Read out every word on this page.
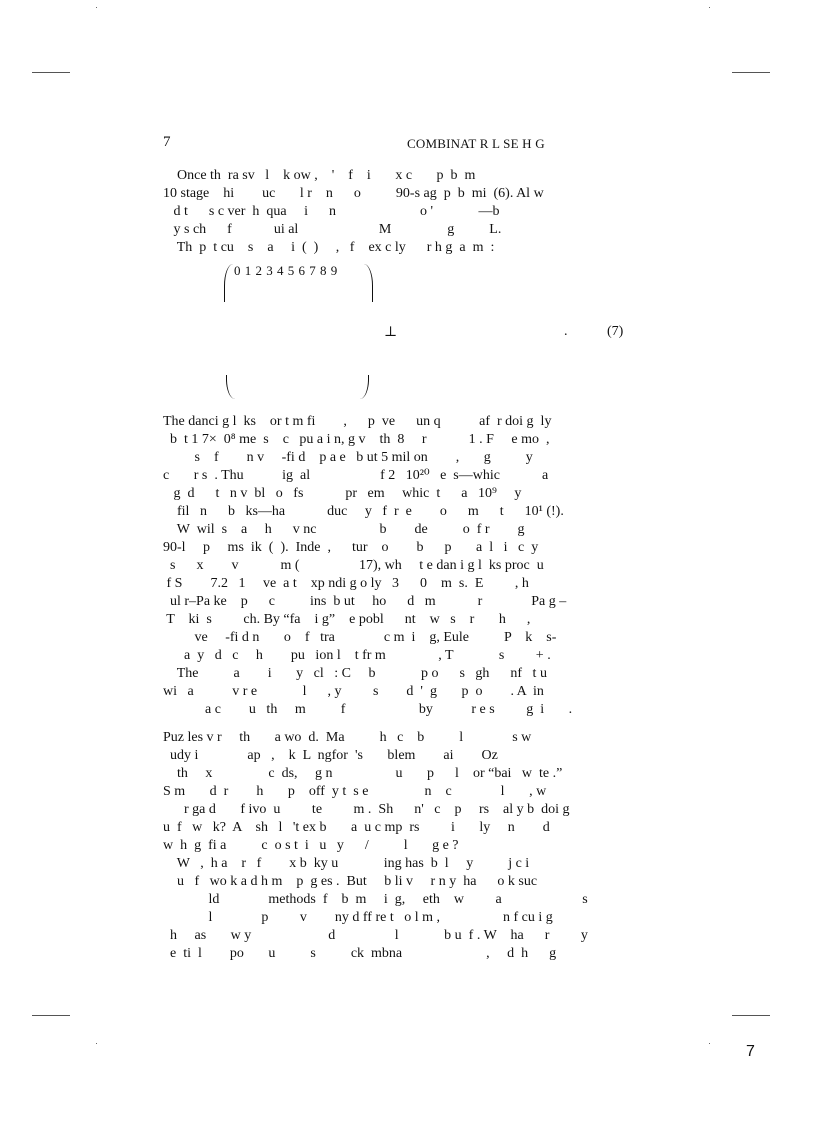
7	COMBINAT R L SE H G
Once th  ra sv   l    k ow ,    '    f    i       x c       p  b  m
10 stage    hi        uc       l r    n      o          90-s ag  p  b  mi  (6). Al w
d t      s c ver  h  qua     i      n                        o '             —b
y s ch      f            ui al                       M                g          L.
Th  p  t cu    s    a     i  (  )     ,   f    ex c ly      r h g  a  m  :
0 1 2 3 4 5 6 7 8 9
⊥	.	(7)
The danci g l  ks    or t m fi        ,      p  ve      un q           af  r doi g  ly
b  t 1 7×  0⁸ me  s    c   pu a i n, g v    th  8     r            1 . F     e mo  ,
s    f        n v     -fi d    p a e   b ut 5 mil on        ,       g          y
c       r s  . Thu           ig  al                    f 2   10²⁰   e  s—whic            a
g  d      t   n v  bl   o   fs            pr   em     whic  t      a   10⁹     y
fil   n      b   ks—ha            duc     y   f  r  e        o      m      t      10¹ (!).
W  wil  s    a     h      v nc                  b        de          o  f r        g
90-l     p     ms  ik  (  ).  Inde  ,      tur    o        b      p       a  l   i   c  y
s      x        v            m (                 17), wh     t e dan i g l  ks proc  u
f S        7.2   1     ve  a t    xp ndi g o ly   3      0    m  s.  E         , h
ul r–Pa ke    p      c          ins  b ut     ho      d   m            r              Pa g –
T    ki  s         ch. By “fa    i g”    e pobl      nt    w   s    r       h      ,
ve     -fi d n       o    f   tra              c m  i    g, Eule          P    k    s-
a  y   d   c     h        pu   ion l    t fr m               , T             s         + .
The          a        i       y   cl   : C     b             p o      s   gh      nf   t u
wi   a           v r e             l      , y         s        d  '  g       p  o        . A  in
a c        u   th     m          f                     by           r e s         g  i       .
Puz les v r     th       a wo  d.  Ma          h   c    b          l              s w
udy i              ap   ,    k  L  ngfor  's       blem        ai        Oz
th     x                c  ds,     g n                  u       p      l    or “bai   w  te .”
S m       d  r        h       p    off  y t  s e                n    c              l       , w
r ga d       f ivo  u         te         m .  Sh      n'   c    p     rs    al y b  doi g
u  f   w   k?  A    sh   l   't ex b       a  u c mp  rs         i       ly     n        d
w  h  g  fi a          c  o s t  i   u   y      /          l       g e ?
W   ,  h a    r   f        x b  ky u             ing has  b  l     y          j c i
u   f   wo k a d h m    p  g es .  But     b li v     r n y  ha      o k suc
ld              methods  f    b  m     i  g,     eth    w         a                       s
l              p         v        ny d ff re t   o l m ,                  n f cu i g
h     as       w y                      d                 l             b u  f . W    ha      r         y
e  ti  l        po       u          s          ck  mbna                        ,     d  h      g
7
